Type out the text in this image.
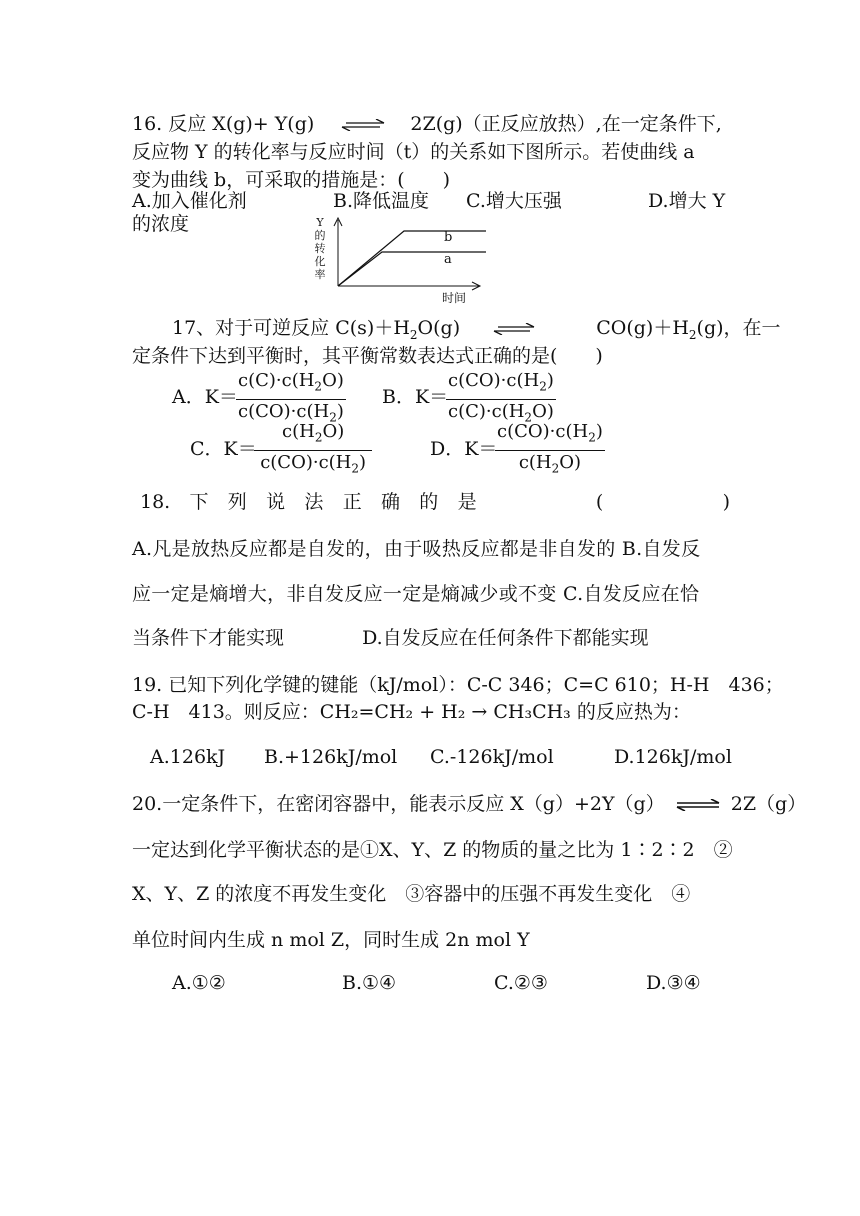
16. 反应 X(g)+ Y(g) ⇌ 2Z(g)（正反应放热）,在一定条件下,
反应物 Y 的转化率与反应时间（t）的关系如下图所示。若使曲线 a
变为曲线 b，可采取的措施是：(　　)
A.加入催化剂	B.降低温度 C.增大压强	D.增大 Y
的浓度	Y
的
转
化
率
b
a
时间
17、对于可逆反应 $C(s)+H_2O(g)$	$CO(g)+H_2(g)$，在一
定条件下达到平衡时，其平衡常数表达式正确的是(　　)
A．K＝
$\frac{c(C)\cdot c(H_2O)}{c(CO)\cdot c(H_2)}$ B．K＝
$\frac{c(CO)\cdot c(H_2)}{c(C)\cdot c(H_2O)}$
C．K＝
$\frac{c(H_2O)}{c(CO)\cdot c(H_2)}$	D．K＝
$\frac{c(CO)\cdot c(H_2)}{c(H_2O)}$
18. 下 列 说 法 正 确 的 是	(	)
A.凡是放热反应都是自发的，由于吸热反应都是非自发的 B.自发反
应一定是熵增大，非自发反应一定是熵减少或不变 C.自发反应在恰
当条件下才能实现	D.自发反应在任何条件下都能实现
19. 已知下列化学键的键能（kJ/mol）：C-C 346；C=C 610；H-H　436；
C-H　413。则反应：CH₂=CH₂ + H₂ → CH₃CH₃ 的反应热为：
A.126kJ B.+126kJ/mol C.-126kJ/mol	D.126kJ/mol
20.一定条件下，在密闭容器中，能表示反应 X（g）+2Y（g） ⇌ 2Z（g）
一定达到化学平衡状态的是①X、Y、Z 的物质的量之比为 1∶2∶2　②
X、Y、Z 的浓度不再发生变化　③容器中的压强不再发生变化　④
单位时间内生成 n mol Z，同时生成 2n mol Y
A.①②	B.①④	C.②③	D.③④
